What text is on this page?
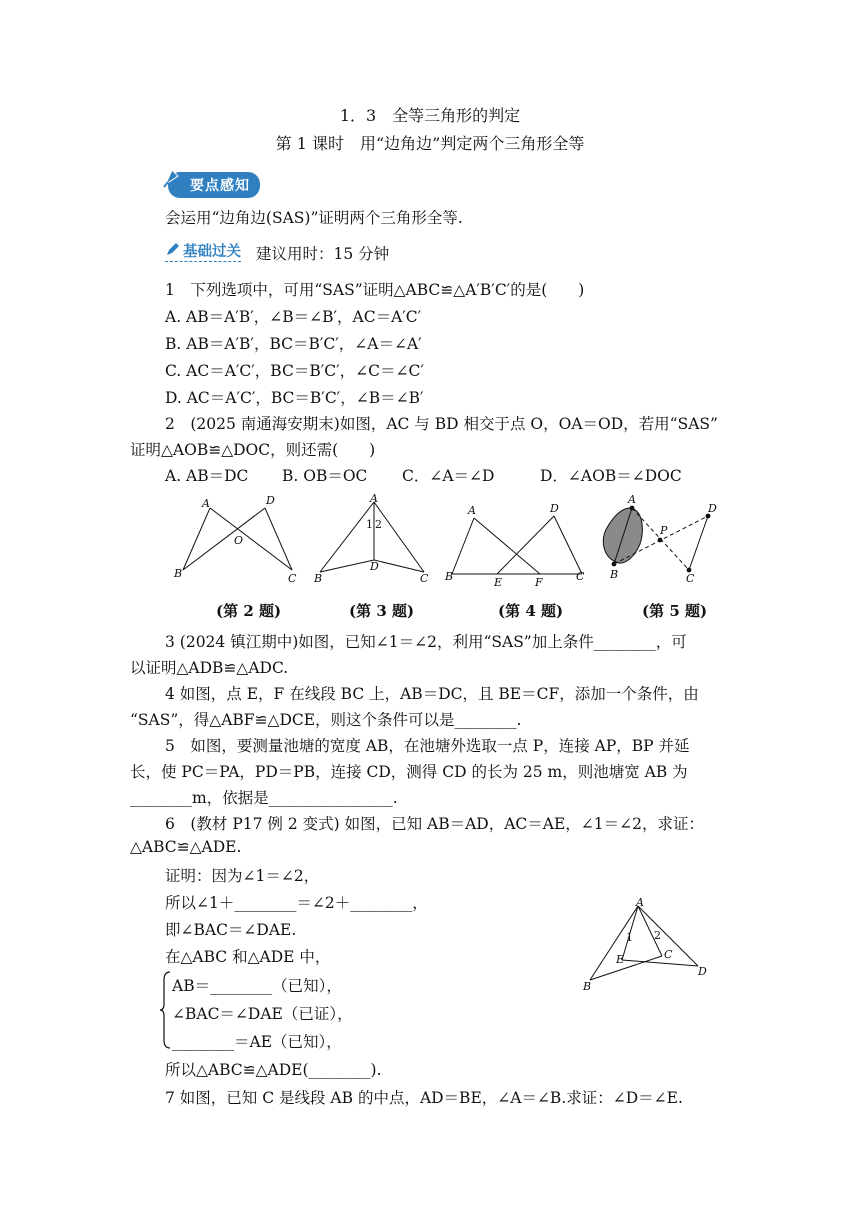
1．3　全等三角形的判定
第 1 课时　用“边角边”判定两个三角形全等
要点感知
会运用“边角边(SAS)”证明两个三角形全等.
基础过关 建议用时：15 分钟
1　下列选项中，可用“SAS”证明△ABC≌△A′B′C′的是(　　)
A. AB＝A′B′，∠B＝∠B′，AC＝A′C′
B. AB＝A′B′，BC＝B′C′，∠A＝∠A′
C. AC＝A′C′，BC＝B′C′，∠C＝∠C′
D. AC＝A′C′，BC＝B′C′，∠B＝∠B′
2　(2025 南通海安期末)如图，AC 与 BD 相交于点 O，OA＝OD，若用“SAS”
证明△AOB≌△DOC，则还需(　　)
A. AB＝DC B. OB＝OC C．∠A＝∠D	D．∠AOB＝∠DOC
A	D
O
B	C
A
1 2
D
B	C
A	D
B	E	F	C
A
P
D
B	C
(第 2 题)	(第 3 题)	(第 4 题)	(第 5 题)
3 (2024 镇江期中)如图，已知∠1＝∠2，利用“SAS”加上条件________，可
以证明△ADB≌△ADC.
4 如图，点 E，F 在线段 BC 上，AB＝DC，且 BE＝CF，添加一个条件，由
“SAS”，得△ABF≌△DCE，则这个条件可以是________.
5　如图，要测量池塘的宽度 AB，在池塘外选取一点 P，连接 AP，BP 并延
长，使 PC＝PA，PD＝PB，连接 CD，测得 CD 的长为 25 m，则池塘宽 AB 为
________m，依据是________________.
6　(教材 P17 例 2 变式) 如图，已知 AB＝AD，AC＝AE，∠1＝∠2，求证：
△ABC≌△ADE.
证明：因为∠1＝∠2，
所以∠1＋________＝∠2＋________，
即∠BAC＝∠DAE.
在△ABC 和△ADE 中，
AB＝________（已知），
∠BAC＝∠DAE（已证），
________＝AE（已知），
所以△ABC≌△ADE(________).
A
1 2
E	C
B
D
7 如图，已知 C 是线段 AB 的中点，AD＝BE，∠A＝∠B.求证：∠D＝∠E.
